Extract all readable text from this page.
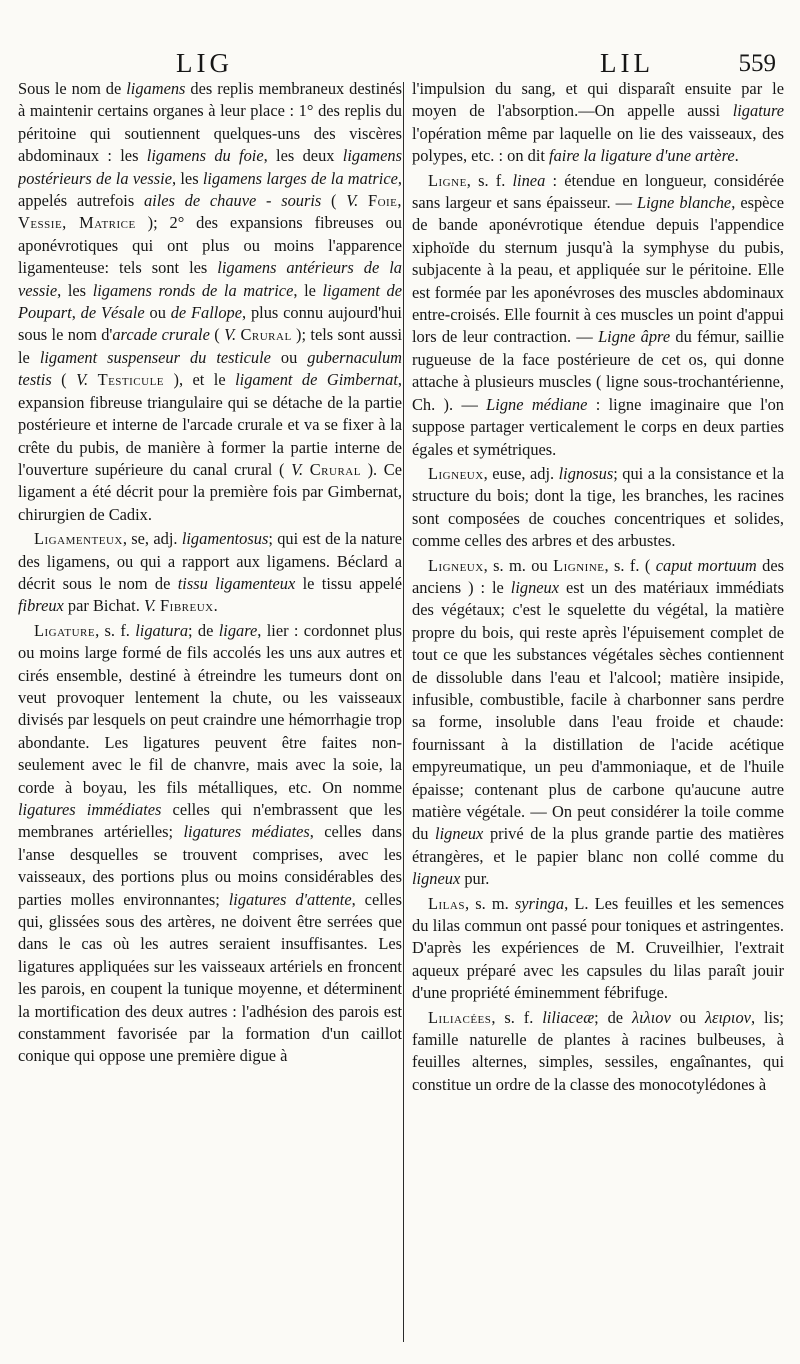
LIG	LIL	559

Sous le nom de ligamens des replis membraneux destinés à maintenir certains organes à leur place : 1° des replis du péritoine qui soutiennent quelques-uns des viscères abdominaux : les ligamens du foie, les deux ligamens postérieurs de la vessie, les ligamens larges de la matrice, appelés autrefois ailes de chauve - souris ( V. Foie, Vessie, Matrice ); 2° des expansions fibreuses ou aponévrotiques qui ont plus ou moins l'apparence ligamenteuse: tels sont les ligamens antérieurs de la vessie, les ligamens ronds de la matrice, le ligament de Poupart, de Vésale ou de Fallope, plus connu aujourd'hui sous le nom d'arcade crurale ( V. Crural ); tels sont aussi le ligament suspenseur du testicule ou gubernaculum testis ( V. Testicule ), et le ligament de Gimbernat, expansion fibreuse triangulaire qui se détache de la partie postérieure et interne de l'arcade crurale et va se fixer à la crête du pubis, de manière à former la partie interne de l'ouverture supérieure du canal crural ( V. Crural ). Ce ligament a été décrit pour la première fois par Gimbernat, chirurgien de Cadix.

Ligamenteux, se, adj. ligamentosus; qui est de la nature des ligamens, ou qui a rapport aux ligamens. Béclard a décrit sous le nom de tissu ligamenteux le tissu appelé fibreux par Bichat. V. Fibreux.

Ligature, s. f. ligatura; de ligare, lier : cordonnet plus ou moins large formé de fils accolés les uns aux autres et cirés ensemble, destiné à étreindre les tumeurs dont on veut provoquer lentement la chute, ou les vaisseaux divisés par lesquels on peut craindre une hémorrhagie trop abondante. Les ligatures peuvent être faites non-seulement avec le fil de chanvre, mais avec la soie, la corde à boyau, les fils métalliques, etc. On nomme ligatures immédiates celles qui n'embrassent que les membranes artérielles; ligatures médiates, celles dans l'anse desquelles se trouvent comprises, avec les vaisseaux, des portions plus ou moins considérables des parties molles environnantes; ligatures d'attente, celles qui, glissées sous des artères, ne doivent être serrées que dans le cas où les autres seraient insuffisantes. Les ligatures appliquées sur les vaisseaux artériels en froncent les parois, en coupent la tunique moyenne, et déterminent la mortification des deux autres : l'adhésion des parois est constamment favorisée par la formation d'un caillot conique qui oppose une première digue à

l'impulsion du sang, et qui disparaît ensuite par le moyen de l'absorption.—On appelle aussi ligature l'opération même par laquelle on lie des vaisseaux, des polypes, etc. : on dit faire la ligature d'une artère.

Ligne, s. f. linea : étendue en longueur, considérée sans largeur et sans épaisseur. — Ligne blanche, espèce de bande aponévrotique étendue depuis l'appendice xiphoïde du sternum jusqu'à la symphyse du pubis, subjacente à la peau, et appliquée sur le péritoine. Elle est formée par les aponévroses des muscles abdominaux entre-croisés. Elle fournit à ces muscles un point d'appui lors de leur contraction. — Ligne âpre du fémur, saillie rugueuse de la face postérieure de cet os, qui donne attache à plusieurs muscles ( ligne sous-trochantérienne, Ch. ). — Ligne médiane : ligne imaginaire que l'on suppose partager verticalement le corps en deux parties égales et symétriques.

Ligneux, euse, adj. lignosus; qui a la consistance et la structure du bois; dont la tige, les branches, les racines sont composées de couches concentriques et solides, comme celles des arbres et des arbustes.

Ligneux, s. m. ou Lignine, s. f. ( caput mortuum des anciens ) : le ligneux est un des matériaux immédiats des végétaux; c'est le squelette du végétal, la matière propre du bois, qui reste après l'épuisement complet de tout ce que les substances végétales sèches contiennent de dissoluble dans l'eau et l'alcool; matière insipide, infusible, combustible, facile à charbonner sans perdre sa forme, insoluble dans l'eau froide et chaude: fournissant à la distillation de l'acide acétique empyreumatique, un peu d'ammoniaque, et de l'huile épaisse; contenant plus de carbone qu'aucune autre matière végétale. — On peut considérer la toile comme du ligneux privé de la plus grande partie des matières étrangères, et le papier blanc non collé comme du ligneux pur.

Lilas, s. m. syringa, L. Les feuilles et les semences du lilas commun ont passé pour toniques et astringentes. D'après les expériences de M. Cruveilhier, l'extrait aqueux préparé avec les capsules du lilas paraît jouir d'une propriété éminemment fébrifuge.

Liliacées, s. f. liliaceæ; de λιλιον ou λειριον, lis; famille naturelle de plantes à racines bulbeuses, à feuilles alternes, simples, sessiles, engaînantes, qui constitue un ordre de la classe des monocotylédones à
